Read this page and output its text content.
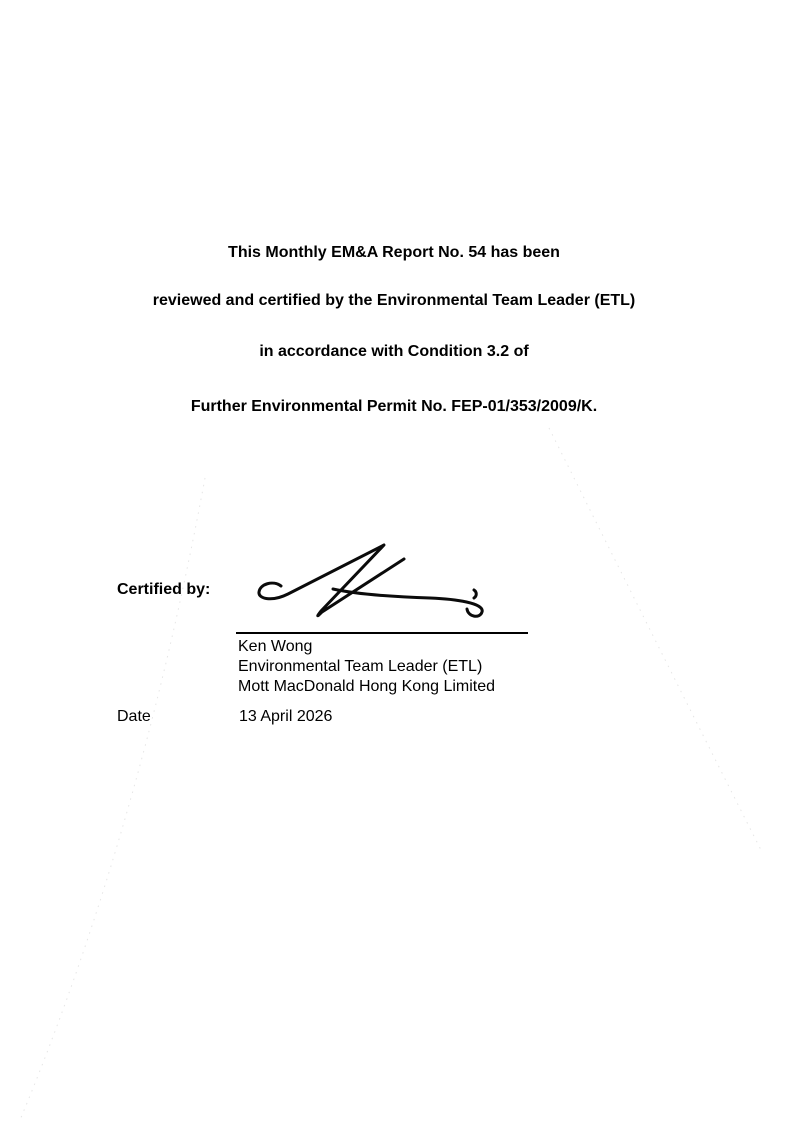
This Monthly EM&A Report No. 54 has been
reviewed and certified by the Environmental Team Leader (ETL)
in accordance with Condition 3.2 of
Further Environmental Permit No. FEP-01/353/2009/K.
Certified by:
Ken Wong
Environmental Team Leader (ETL)
Mott MacDonald Hong Kong Limited
Date	13 April 2026
